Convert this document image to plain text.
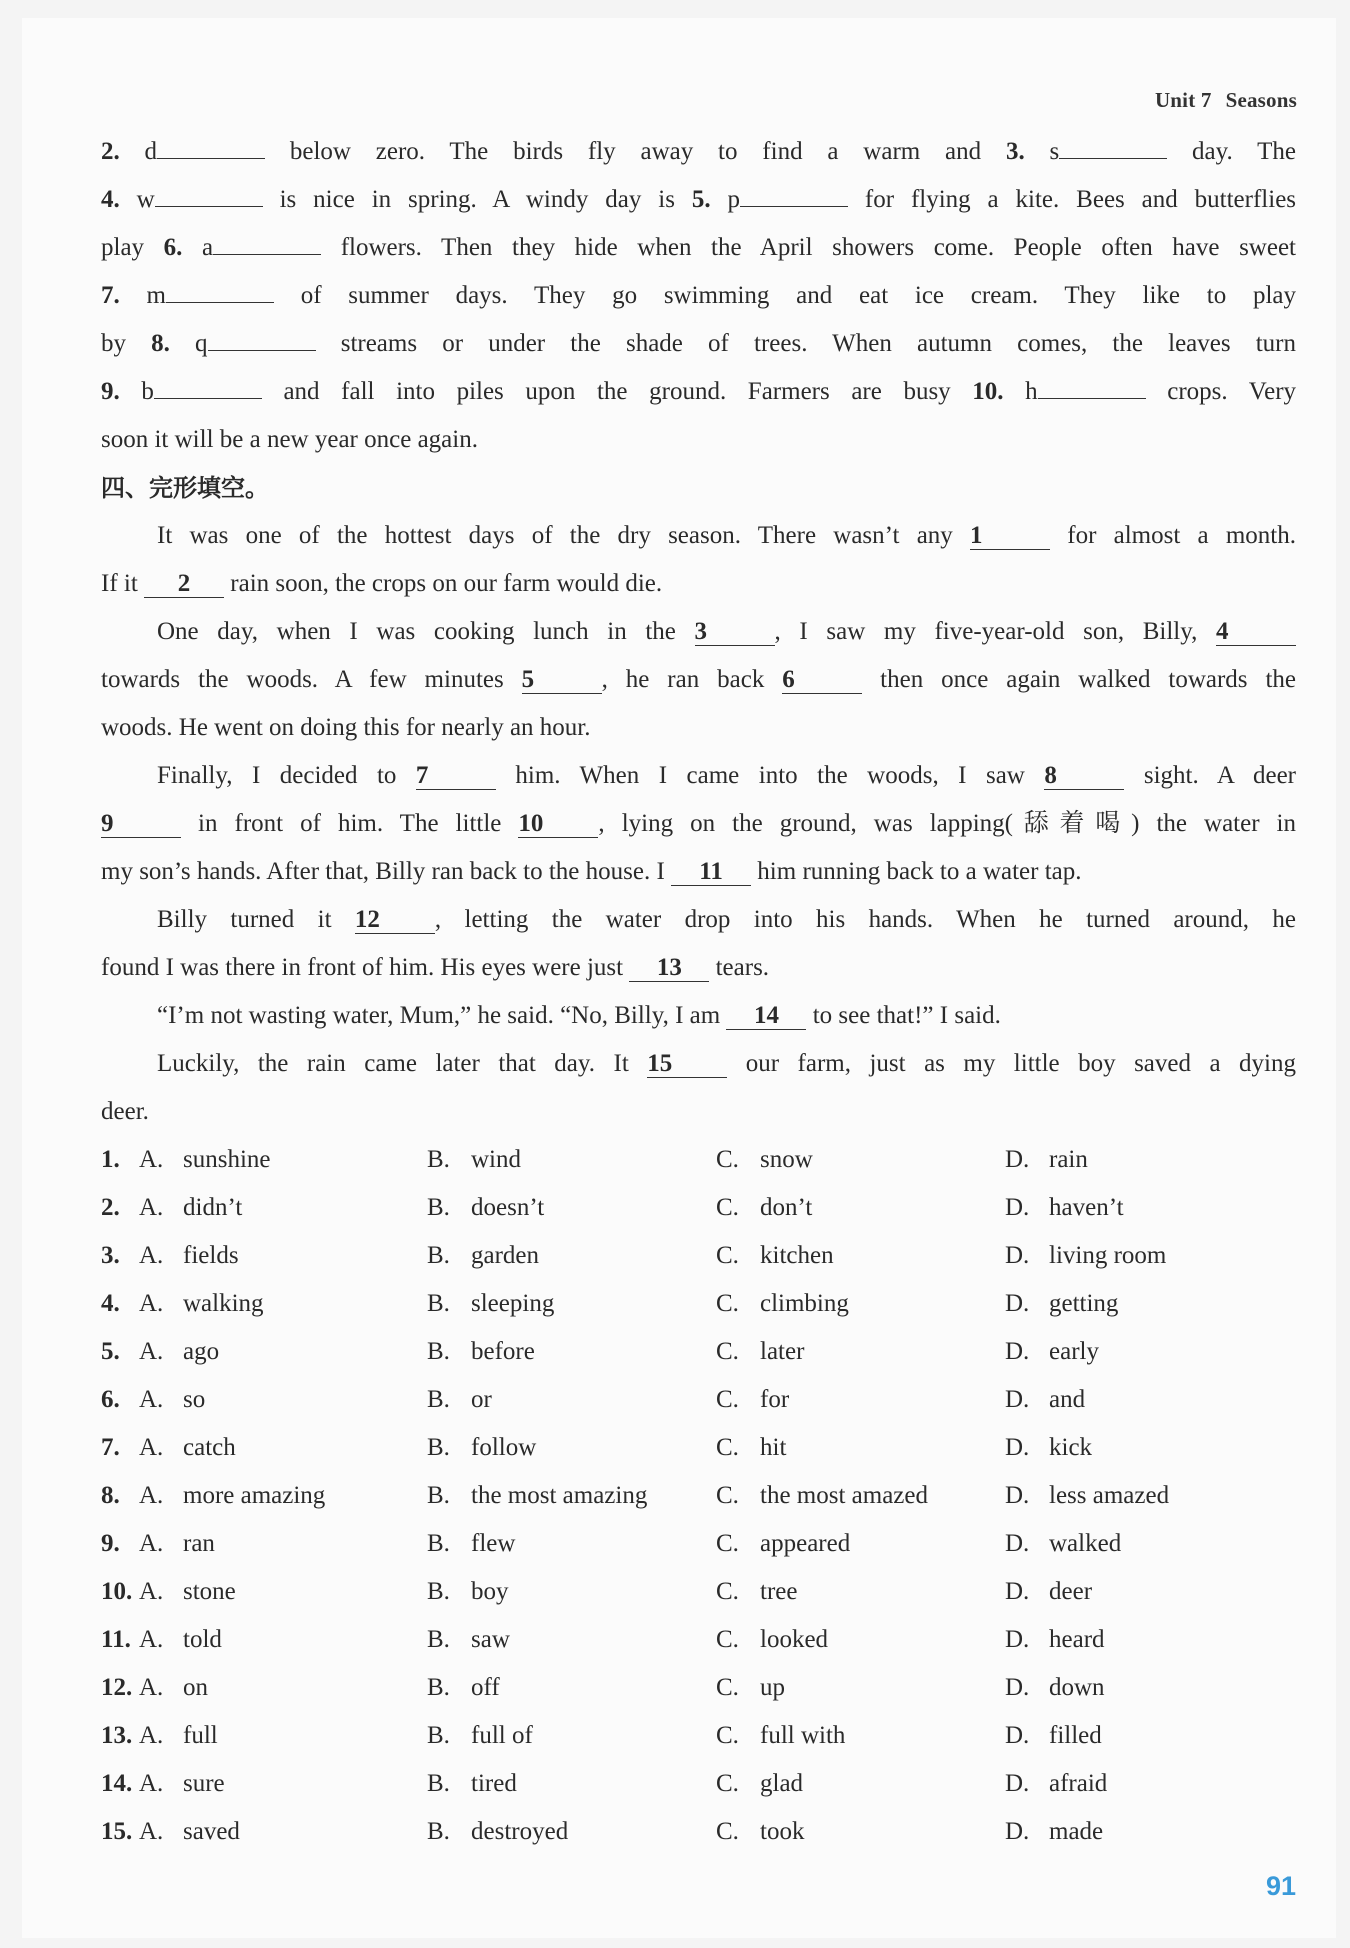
Unit 7 Seasons
2. d	below zero. The birds fly away to find a warm and 3. s	day. The
4. w	is nice in spring. A windy day is 5. p	for flying a kite. Bees and butterflies
play 6. a	flowers. Then they hide when the April showers come. People often have sweet
7. m	of summer days. They go swimming and eat ice cream. They like to play
by 8. q	streams or under the shade of trees. When autumn comes, the leaves turn
9. b	and fall into piles upon the ground. Farmers are busy 10. h	crops. Very
soon it will be a new year once again.
四、完形填空。
It was one of the hottest days of the dry season. There wasn’t any 1	for almost a month.
If it 2 rain soon, the crops on our farm would die.
One day, when I was cooking lunch in the 3	, I saw my five-year-old son, Billy, 4
towards the woods. A few minutes 5	, he ran back 6	then once again walked towards the
woods. He went on doing this for nearly an hour.
Finally, I decided to 7	him. When I came into the woods, I saw 8	sight. A deer
9	in front of him. The little 10 , lying on the ground, was lapping(舔着喝) the water in
my son’s hands. After that, Billy ran back to the house. I 11 him running back to a water tap.
Billy turned it 12 , letting the water drop into his hands. When he turned around, he
found I was there in front of him. His eyes were just 13 tears.
“I’m not wasting water, Mum,” he said. “No, Billy, I am 14 to see that!” I said.
Luckily, the rain came later that day. It 15 our farm, just as my little boy saved a dying
deer.
1. A. sunshine	B. wind	C. snow	D. rain
2. A. didn’t	B. doesn’t	C. don’t	D. haven’t
3. A. fields	B. garden	C. kitchen	D. living room
4. A. walking	B. sleeping	C. climbing	D. getting
5. A. ago	B. before	C. later	D. early
6. A. so	B. or	C. for	D. and
7. A. catch	B. follow	C. hit	D. kick
8. A. more amazing	B. the most amazing	C. the most amazed	D. less amazed
9. A. ran	B. flew	C. appeared	D. walked
10. A. stone	B. boy	C. tree	D. deer
11. A. told	B. saw	C. looked	D. heard
12. A. on	B. off	C. up	D. down
13. A. full	B. full of	C. full with	D. filled
14. A. sure	B. tired	C. glad	D. afraid
15. A. saved	B. destroyed	C. took	D. made
91
